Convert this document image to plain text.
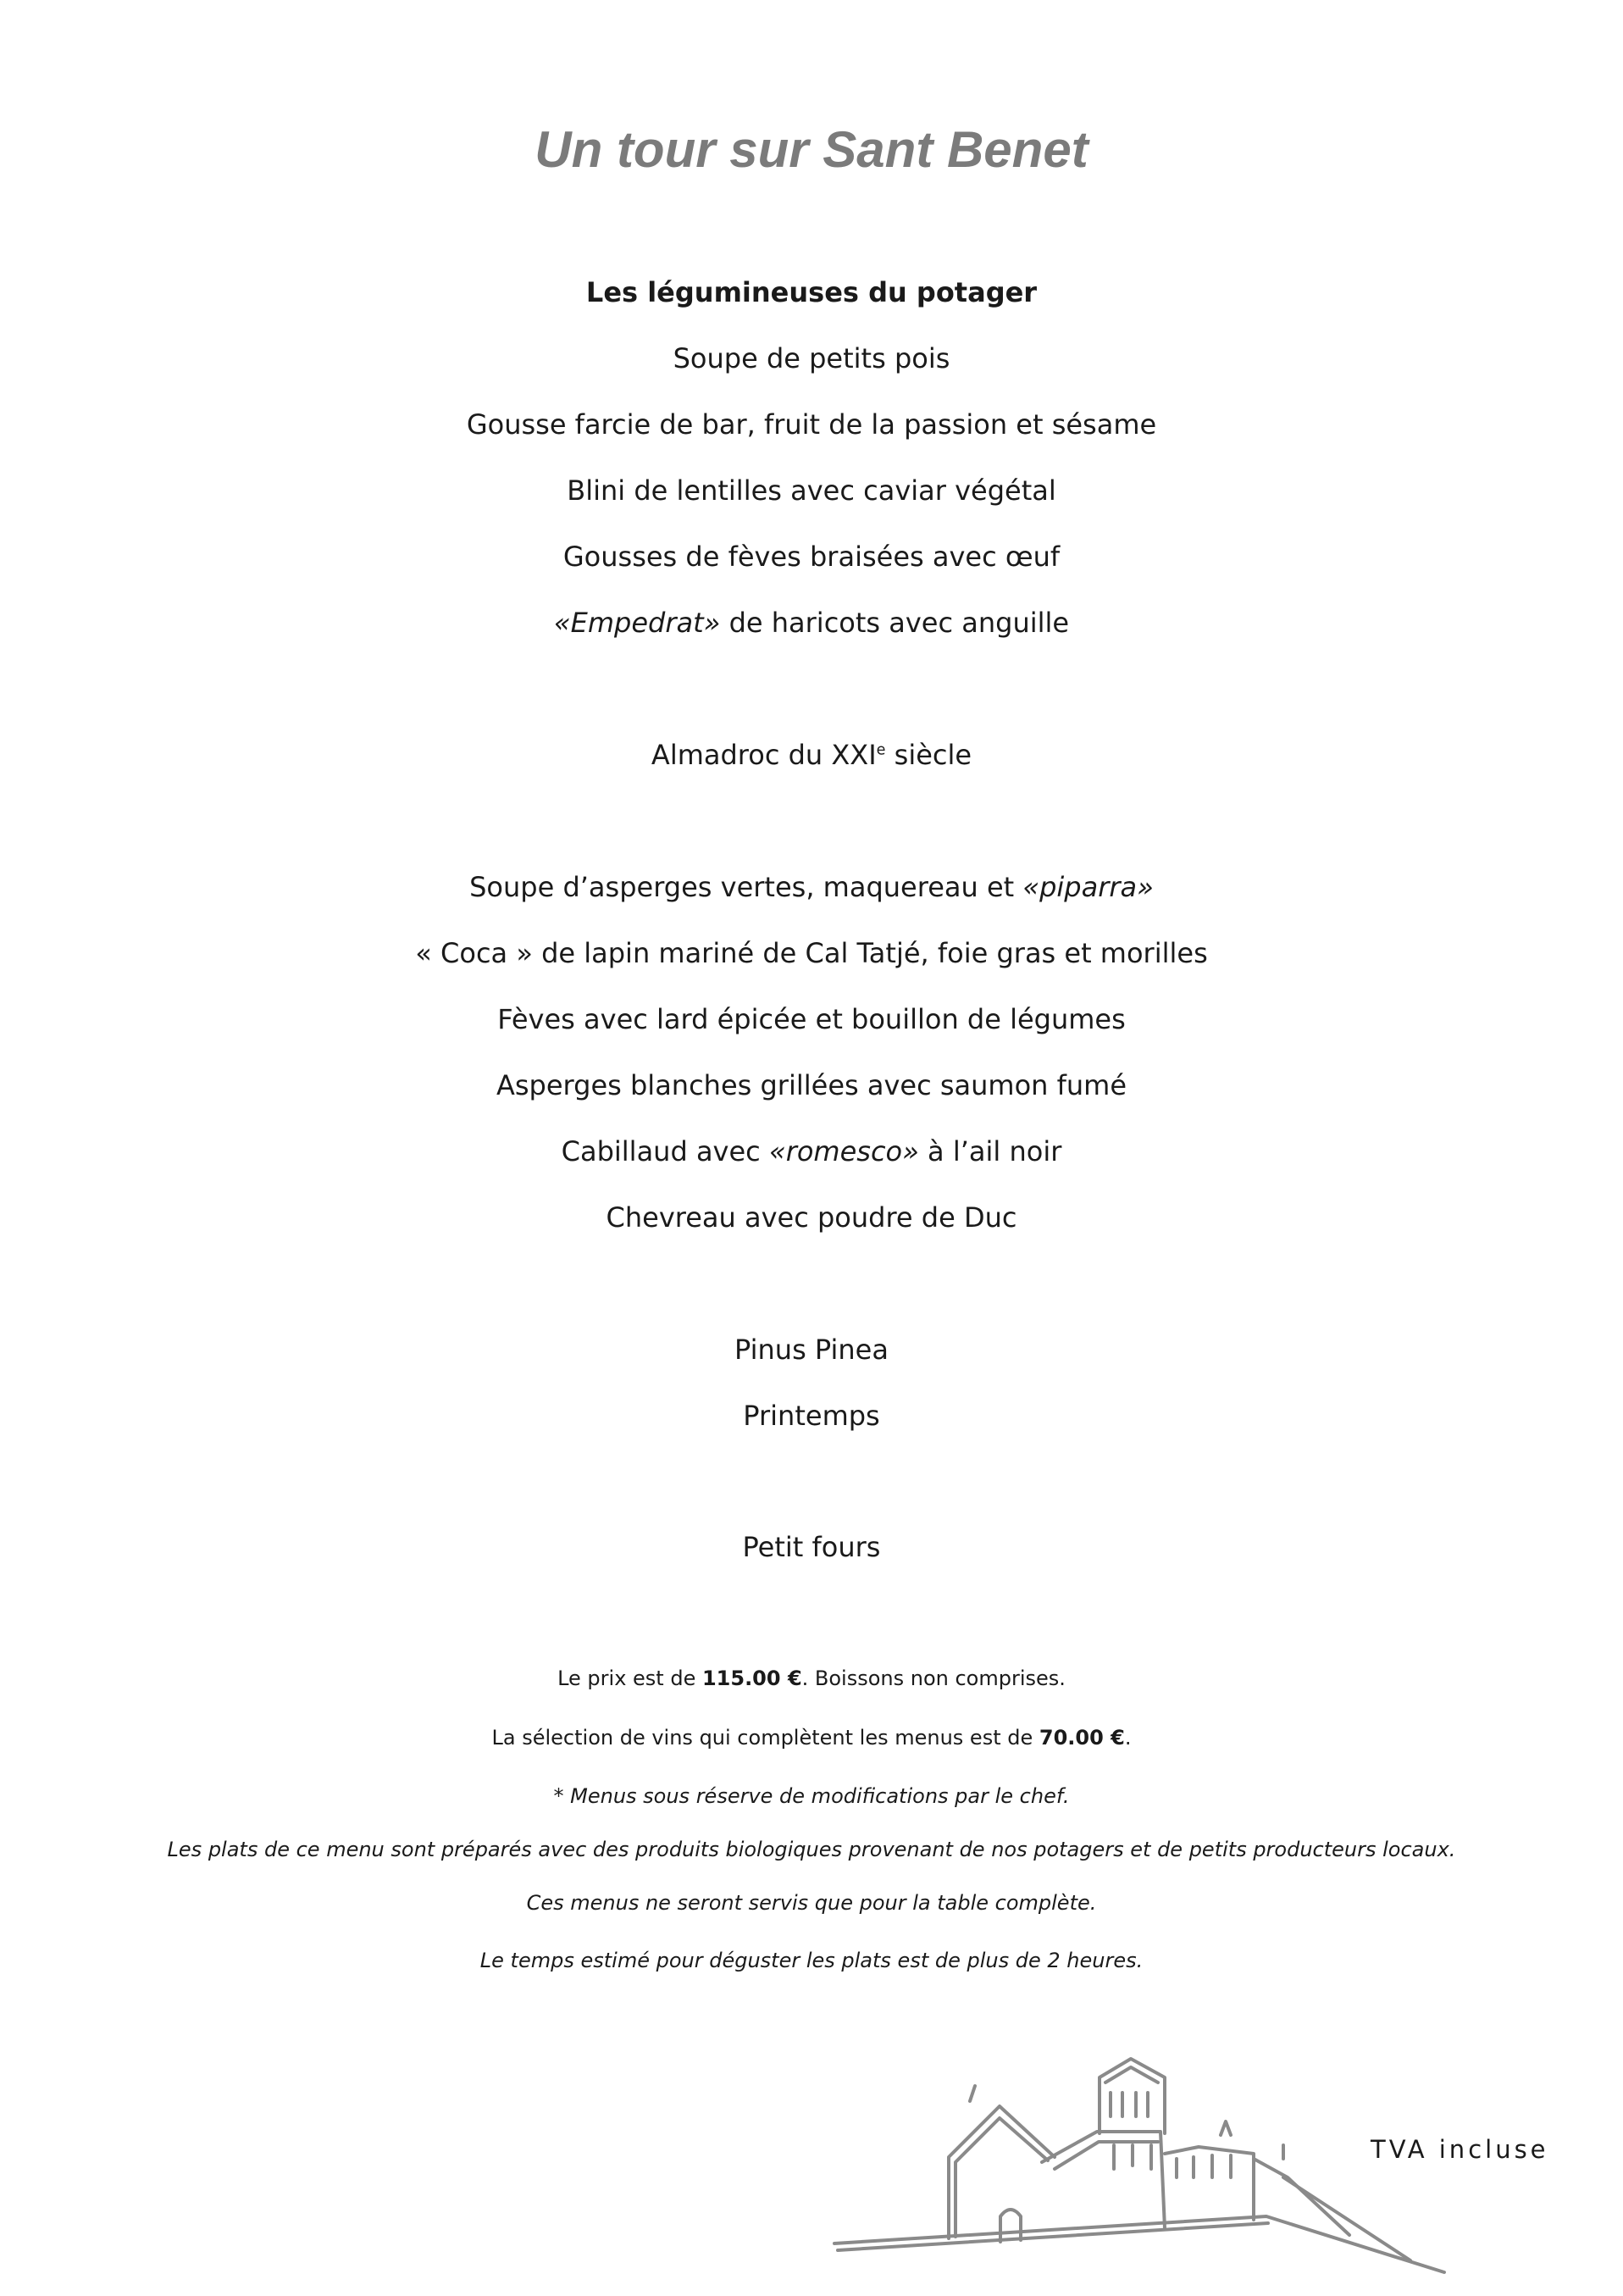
Un tour sur Sant Benet

Les légumineuses du potager

Soupe de petits pois

Gousse farcie de bar, fruit de la passion et sésame

Blini de lentilles avec caviar végétal

Gousses de fèves braisées avec œuf

«Empedrat» de haricots avec anguille

Almadroc du XXIe siècle

Soupe d’asperges vertes, maquereau et «piparra»

« Coca » de lapin mariné de Cal Tatjé, foie gras et morilles

Fèves avec lard épicée et bouillon de légumes

Asperges blanches grillées avec saumon fumé

Cabillaud avec «romesco» à l’ail noir

Chevreau avec poudre de Duc

Pinus Pinea

Printemps

Petit fours

Le prix est de 115.00 €. Boissons non comprises.

La sélection de vins qui complètent les menus est de 70.00 €.

* Menus sous réserve de modifications par le chef.

Les plats de ce menu sont préparés avec des produits biologiques provenant de nos potagers et de petits producteurs locaux.

Ces menus ne seront servis que pour la table complète.

Le temps estimé pour déguster les plats est de plus de 2 heures.

TVA incluse
